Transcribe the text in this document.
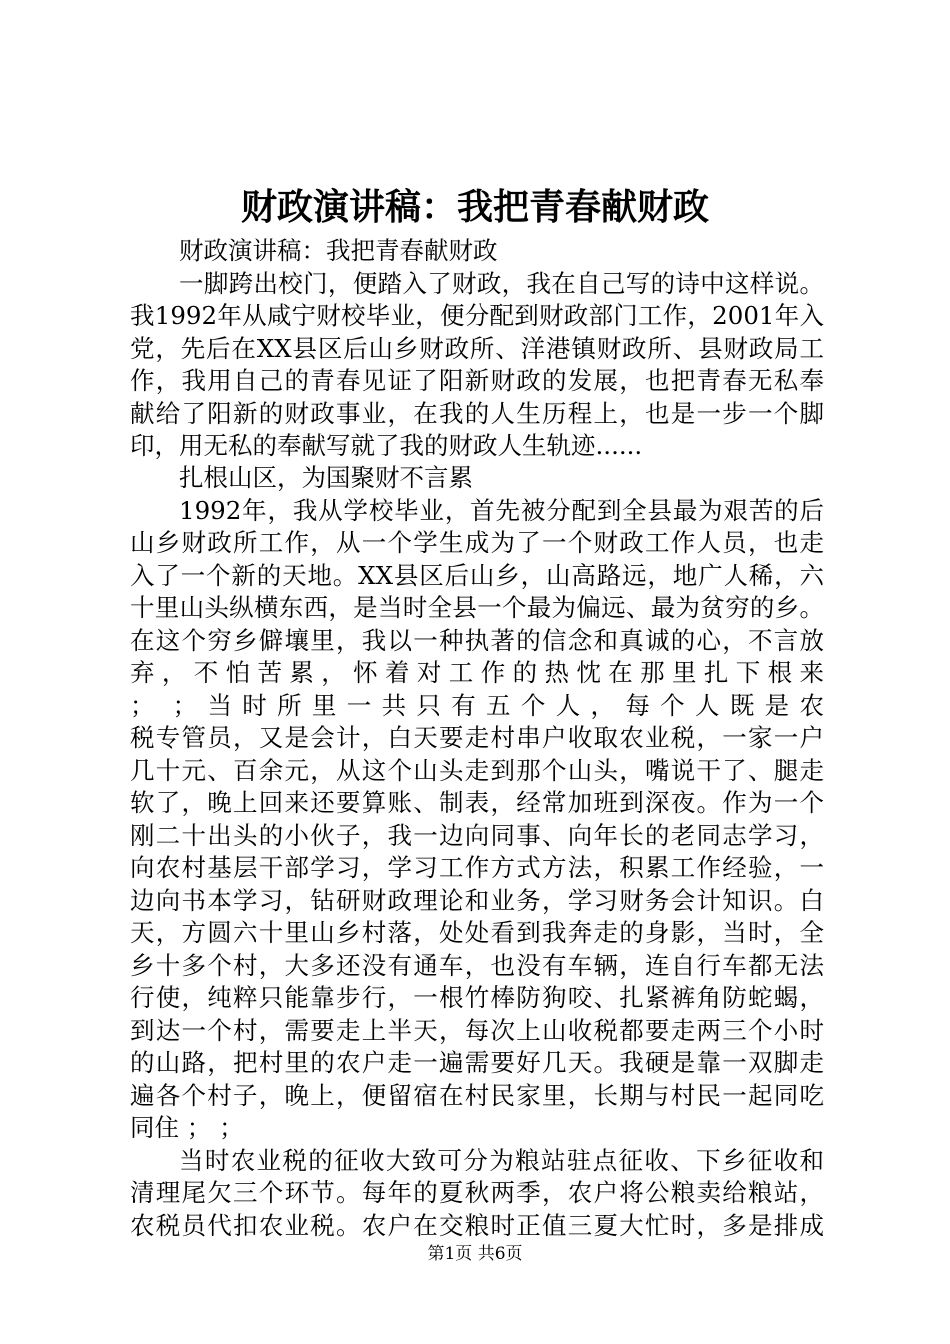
财政演讲稿：我把青春献财政
财政演讲稿：我把青春献财政
一脚跨出校门，便踏入了财政，我在自己写的诗中这样说。
我1992年从咸宁财校毕业，便分配到财政部门工作，2001年入
党，先后在XX县区后山乡财政所、洋港镇财政所、县财政局工
作，我用自己的青春见证了阳新财政的发展，也把青春无私奉
献给了阳新的财政事业，在我的人生历程上，也是一步一个脚
印，用无私的奉献写就了我的财政人生轨迹......
扎根山区，为国聚财不言累
1992年，我从学校毕业，首先被分配到全县最为艰苦的后
山乡财政所工作，从一个学生成为了一个财政工作人员，也走
入了一个新的天地。XX县区后山乡，山高路远，地广人稀，六
十里山头纵横东西，是当时全县一个最为偏远、最为贫穷的乡。
在这个穷乡僻壤里，我以一种执著的信念和真诚的心，不言放
弃，不怕苦累，怀着对工作的热忱在那里扎下根来
； ；当时所里一共只有五个人，每个人既是农
税专管员，又是会计，白天要走村串户收取农业税，一家一户
几十元、百余元，从这个山头走到那个山头，嘴说干了、腿走
软了，晚上回来还要算账、制表，经常加班到深夜。作为一个
刚二十出头的小伙子，我一边向同事、向年长的老同志学习，
向农村基层干部学习，学习工作方式方法，积累工作经验，一
边向书本学习，钻研财政理论和业务，学习财务会计知识。白
天，方圆六十里山乡村落，处处看到我奔走的身影，当时，全
乡十多个村，大多还没有通车，也没有车辆，连自行车都无法
行使，纯粹只能靠步行，一根竹棒防狗咬、扎紧裤角防蛇蝎，
到达一个村，需要走上半天，每次上山收税都要走两三个小时
的山路，把村里的农户走一遍需要好几天。我硬是靠一双脚走
遍各个村子，晚上，便留宿在村民家里，长期与村民一起同吃
同住 ； ；
当时农业税的征收大致可分为粮站驻点征收、下乡征收和
清理尾欠三个环节。每年的夏秋两季，农户将公粮卖给粮站，
农税员代扣农业税。农户在交粮时正值三夏大忙时，多是排成
第1页 共6页
